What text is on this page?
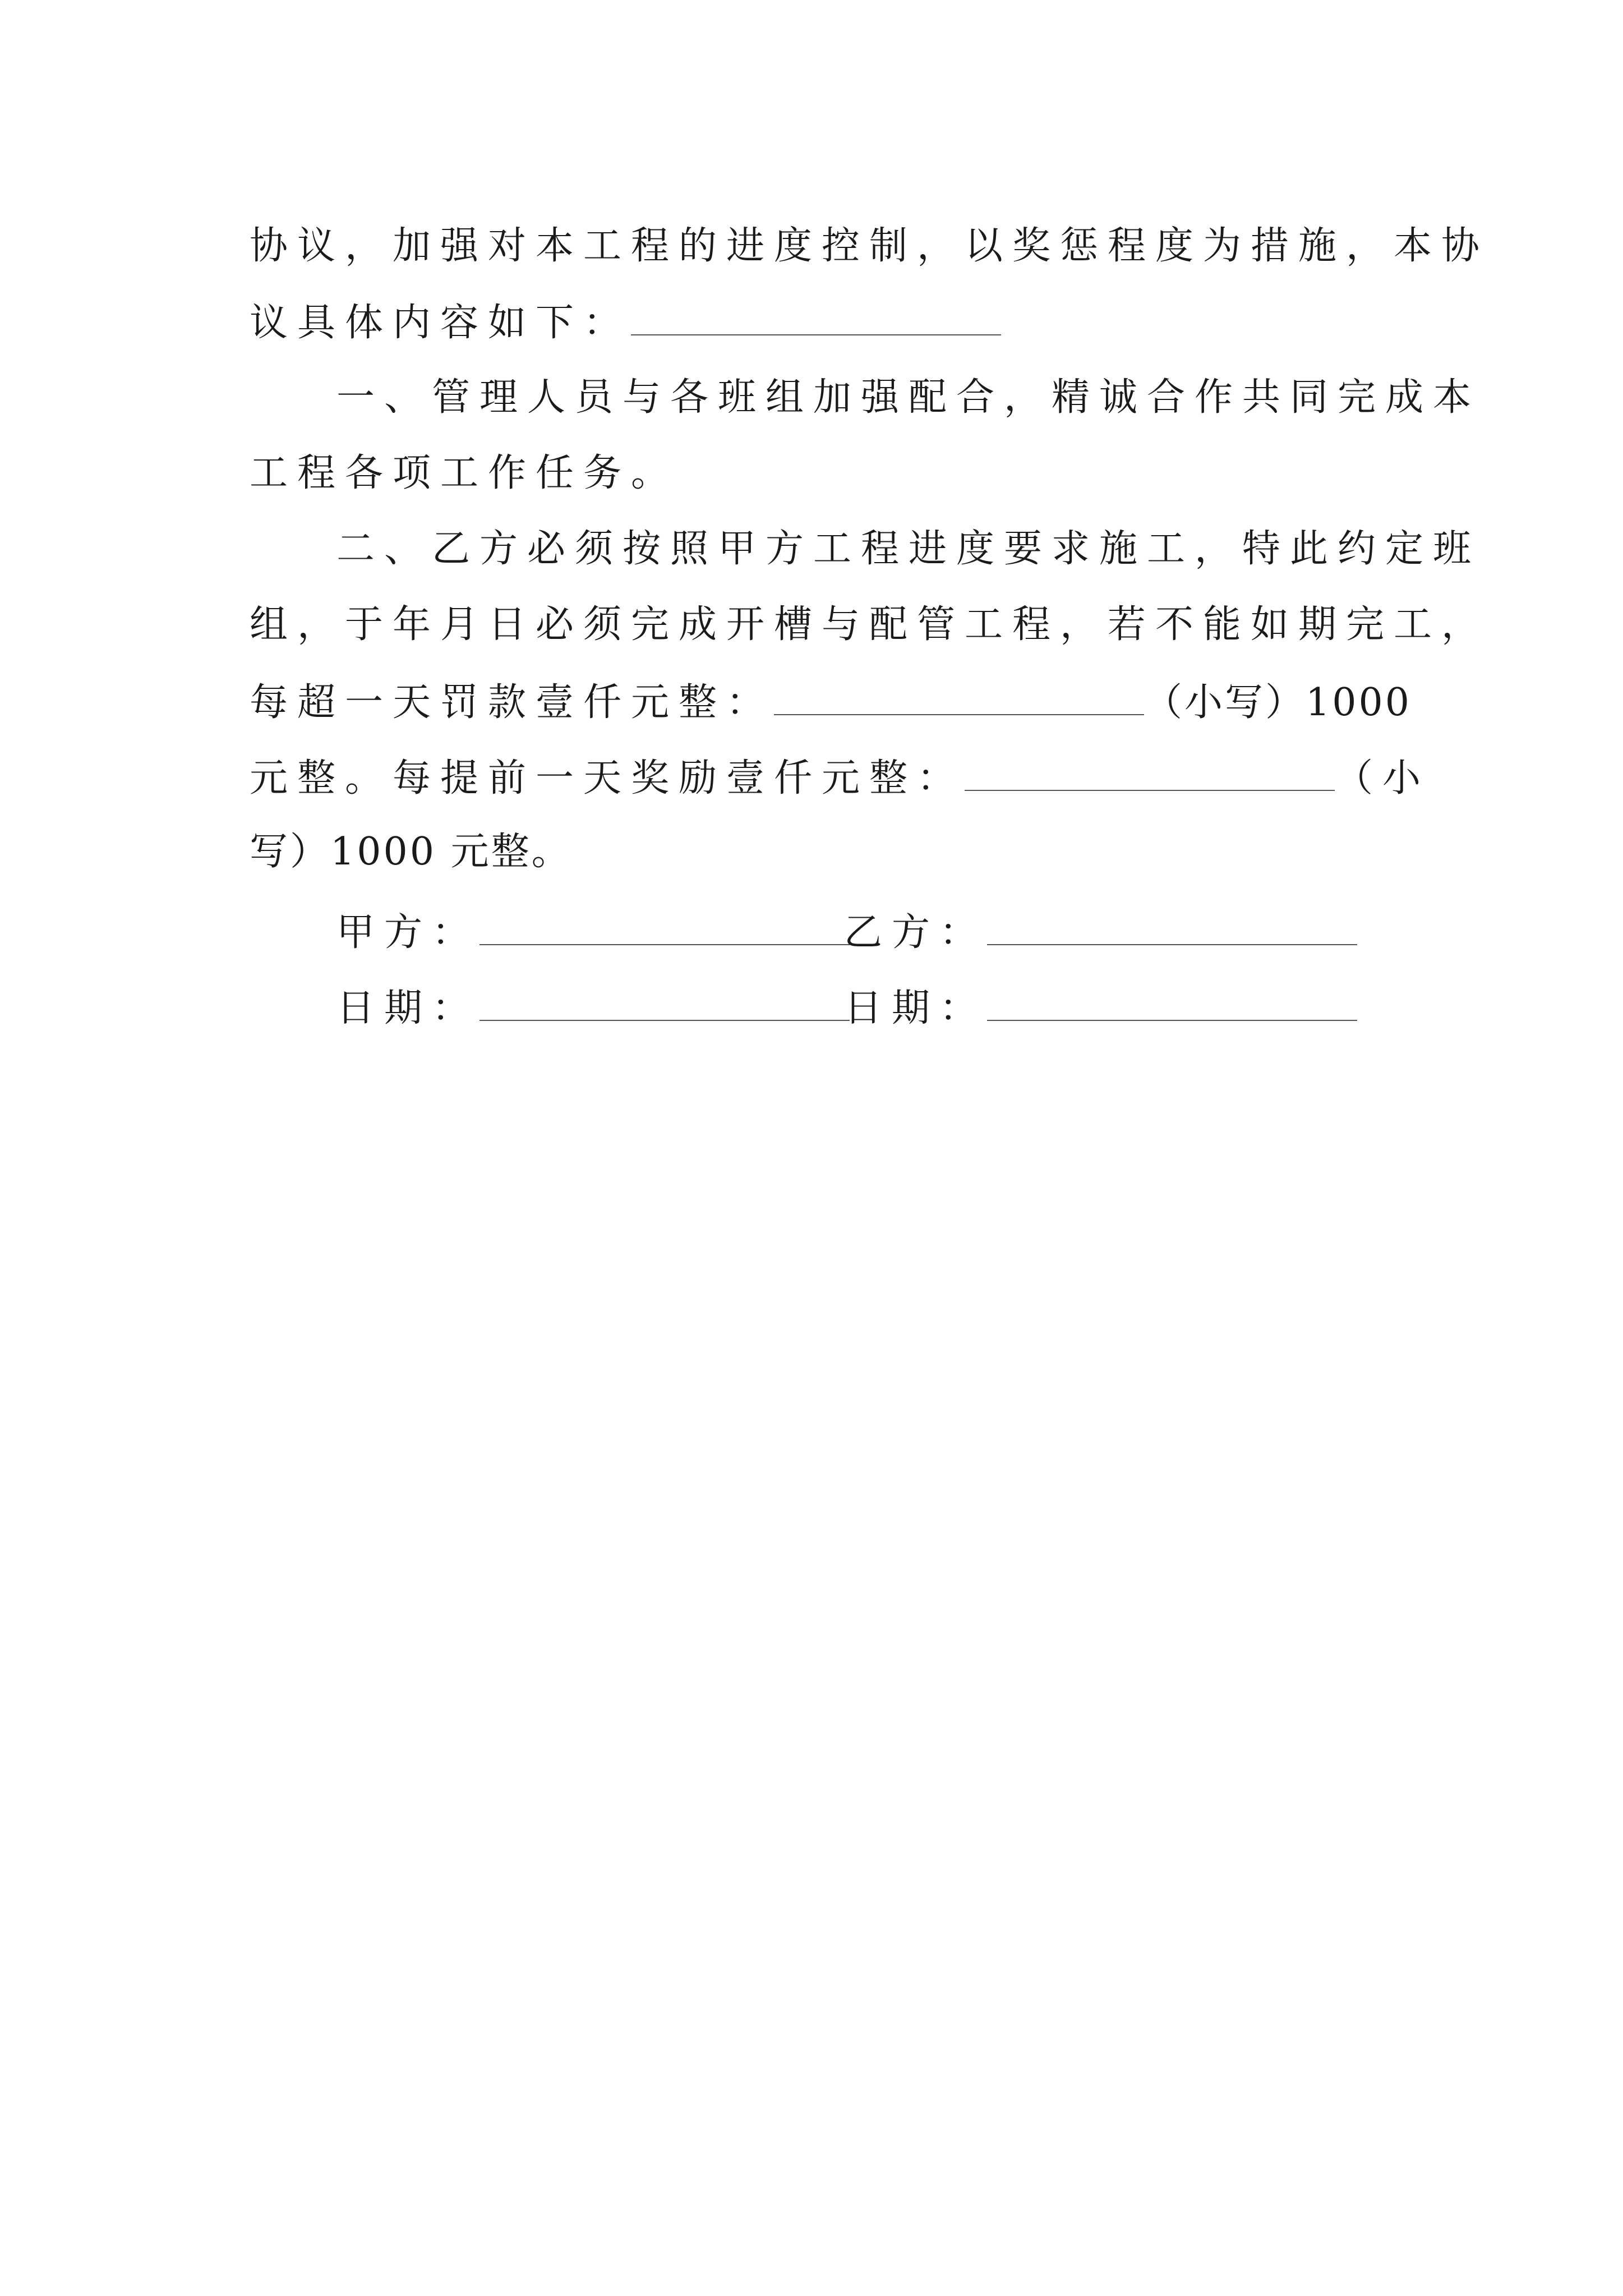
协议，加强对本工程的进度控制，以奖惩程度为措施，本协
议具体内容如下：
一、管理人员与各班组加强配合，精诚合作共同完成本
工程各项工作任务。
二、乙方必须按照甲方工程进度要求施工，特此约定班
组，于年月日必须完成开槽与配管工程，若不能如期完工，
每超一天罚款壹仟元整：	（小写）1000
元整。每提前一天奖励壹仟元整：	（小
写）1000 元整。
甲方：	乙方：
日期：	日期：
